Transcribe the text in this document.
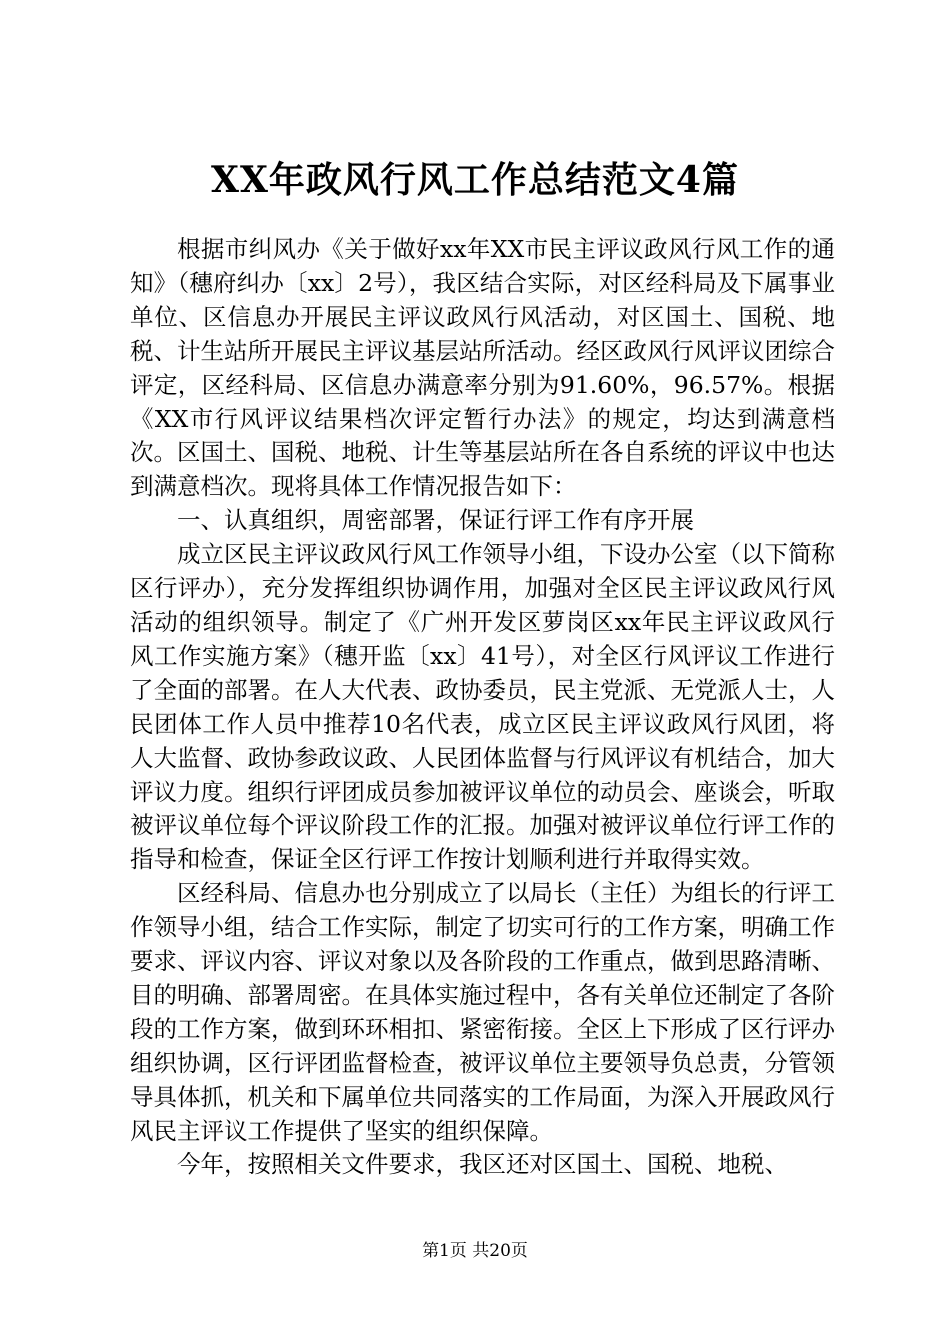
XX年政风行风工作总结范文4篇

根据市纠风办《关于做好xx年XX市民主评议政风行风工作的通知》（穗府纠办〔xx〕2号），我区结合实际，对区经科局及下属事业单位、区信息办开展民主评议政风行风活动，对区国土、国税、地税、计生站所开展民主评议基层站所活动。经区政风行风评议团综合评定，区经科局、区信息办满意率分别为91.60%，96.57%。根据《XX市行风评议结果档次评定暂行办法》的规定，均达到满意档次。区国土、国税、地税、计生等基层站所在各自系统的评议中也达到满意档次。现将具体工作情况报告如下：

一、认真组织，周密部署，保证行评工作有序开展

成立区民主评议政风行风工作领导小组，下设办公室（以下简称区行评办），充分发挥组织协调作用，加强对全区民主评议政风行风活动的组织领导。制定了《广州开发区萝岗区xx年民主评议政风行风工作实施方案》（穗开监〔xx〕41号），对全区行风评议工作进行了全面的部署。在人大代表、政协委员，民主党派、无党派人士，人民团体工作人员中推荐10名代表，成立区民主评议政风行风团，将人大监督、政协参政议政、人民团体监督与行风评议有机结合，加大评议力度。组织行评团成员参加被评议单位的动员会、座谈会，听取被评议单位每个评议阶段工作的汇报。加强对被评议单位行评工作的指导和检查，保证全区行评工作按计划顺利进行并取得实效。

区经科局、信息办也分别成立了以局长（主任）为组长的行评工作领导小组，结合工作实际，制定了切实可行的工作方案，明确工作要求、评议内容、评议对象以及各阶段的工作重点，做到思路清晰、目的明确、部署周密。在具体实施过程中，各有关单位还制定了各阶段的工作方案，做到环环相扣、紧密衔接。全区上下形成了区行评办组织协调，区行评团监督检查，被评议单位主要领导负总责，分管领导具体抓，机关和下属单位共同落实的工作局面，为深入开展政风行风民主评议工作提供了坚实的组织保障。

今年，按照相关文件要求，我区还对区国土、国税、地税、

第1页 共20页
